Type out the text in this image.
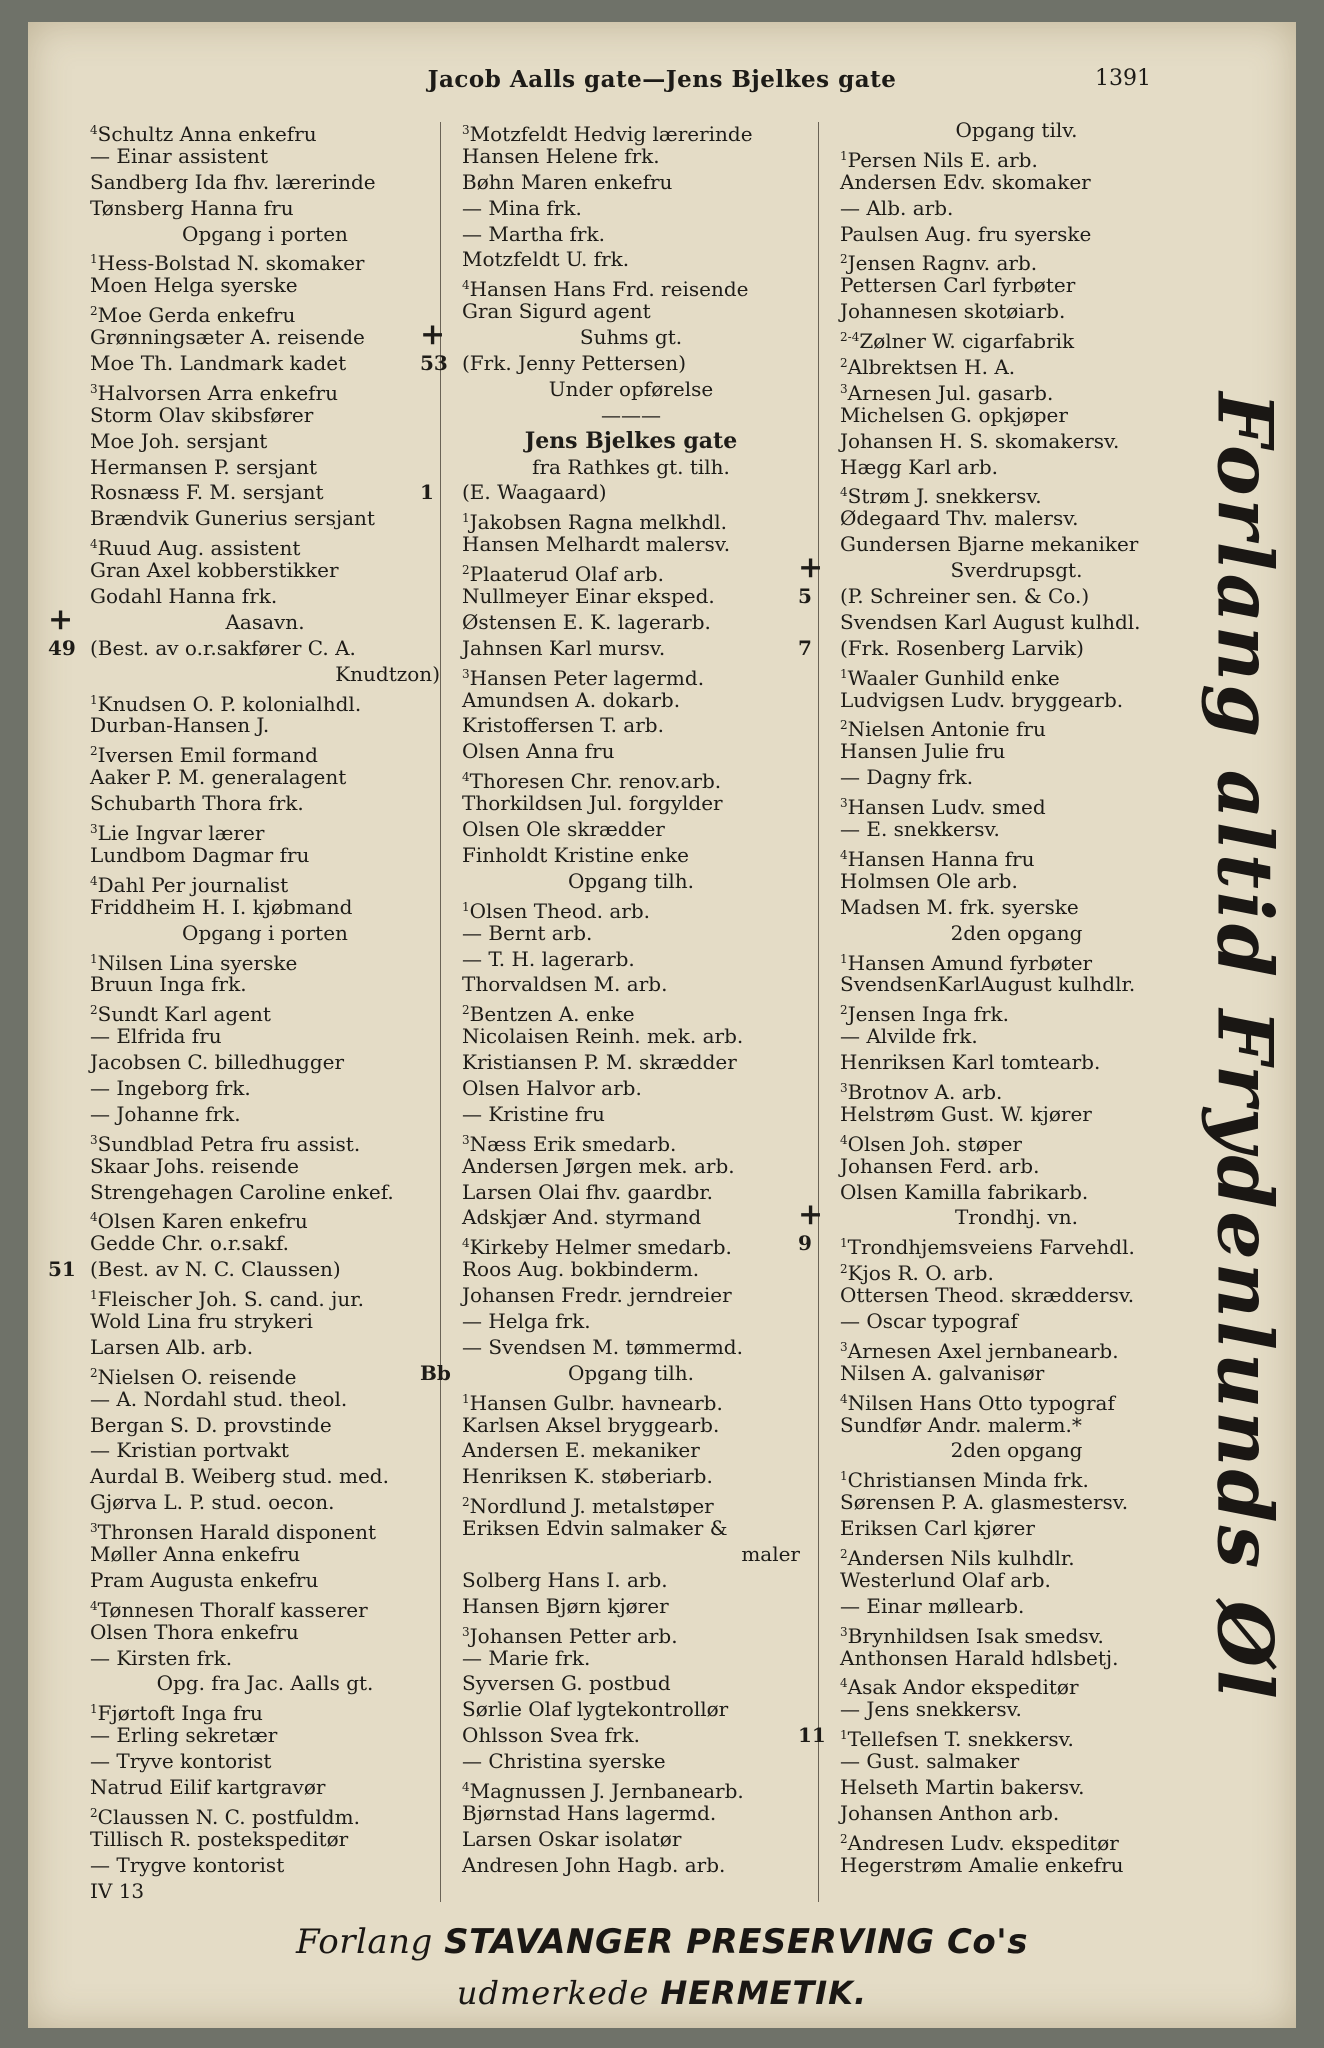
Jacob Aalls gate—Jens Bjelkes gate	1391
$^4$Schultz Anna enkefru
— Einar assistent
Sandberg Ida fhv. lærerinde
Tønsberg Hanna fru
Opgang i porten
$^1$Hess-Bolstad N. skomaker
Moen Helga syerske
$^2$Moe Gerda enkefru
Grønningsæter A. reisende
Moe Th. Landmark kadet
$^3$Halvorsen Arra enkefru
Storm Olav skibsfører
Moe Joh. sersjant
Hermansen P. sersjant
Rosnæss F. M. sersjant
Brændvik Gunerius sersjant
$^4$Ruud Aug. assistent
Gran Axel kobberstikker
Godahl Hanna frk.
+	Aasavn.
49 (Best. av o.r.sakfører C. A.
Knudtzon)
$^1$Knudsen O. P. kolonialhdl.
Durban-Hansen J.
$^2$Iversen Emil formand
Aaker P. M. generalagent
Schubarth Thora frk.
$^3$Lie Ingvar lærer
Lundbom Dagmar fru
$^4$Dahl Per journalist
Friddheim H. I. kjøbmand
Opgang i porten
$^1$Nilsen Lina syerske
Bruun Inga frk.
$^2$Sundt Karl agent
— Elfrida fru
Jacobsen C. billedhugger
— Ingeborg frk.
— Johanne frk.
$^3$Sundblad Petra fru assist.
Skaar Johs. reisende
Strengehagen Caroline enkef.
$^4$Olsen Karen enkefru
Gedde Chr. o.r.sakf.
51 (Best. av N. C. Claussen)
$^1$Fleischer Joh. S. cand. jur.
Wold Lina fru strykeri
Larsen Alb. arb.
$^2$Nielsen O. reisende
— A. Nordahl stud. theol.
Bergan S. D. provstinde
— Kristian portvakt
Aurdal B. Weiberg stud. med.
Gjørva L. P. stud. oecon.
$^3$Thronsen Harald disponent
Møller Anna enkefru
Pram Augusta enkefru
$^4$Tønnesen Thoralf kasserer
Olsen Thora enkefru
— Kirsten frk.
Opg. fra Jac. Aalls gt.
$^1$Fjørtoft Inga fru
— Erling sekretær
— Tryve kontorist
Natrud Eilif kartgravør
$^2$Claussen N. C. postfuldm.
Tillisch R. posteksped​itør
— Trygve kontorist
IV 13
$^3$Motzfeldt Hedvig lærerinde
Hansen Helene frk.
Bøhn Maren enkefru
— Mina frk.
— Martha frk.
Motzfeldt U. frk.
$^4$Hansen Hans Frd. reisende
Gran Sigurd agent
+	Suhms gt.
53 (Frk. Jenny Pettersen)
Under opførelse
———
Jens Bjelkes gate
fra Rathkes gt. tilh.
1	(E. Waagaard)
$^1$Jakobsen Ragna melkhdl.
Hansen Melhardt malersv.
$^2$Plaaterud Olaf arb.
Nullmeyer Einar eksped.
Østensen E. K. lagerarb.
Jahnsen Karl mursv.
$^3$Hansen Peter lagermd.
Amundsen A. dokarb.
Kristoffersen T. arb.
Olsen Anna fru
$^4$Thoresen Chr. renov.arb.
Thorkildsen Jul. forgylder
Olsen Ole skrædder
Finholdt Kristine enke
Opgang tilh.
$^1$Olsen Theod. arb.
— Bernt arb.
— T. H. lagerarb.
Thorvaldsen M. arb.
$^2$Bentzen A. enke
Nicolaisen Reinh. mek. arb.
Kristiansen P. M. skrædder
Olsen Halvor arb.
— Kristine fru
$^3$Næss Erik smedarb.
Andersen Jørgen mek. arb.
Larsen Olai fhv. gaardbr.
Adskjær And. styrmand
$^4$Kirkeby Helmer smedarb.
Roos Aug. bokbinderm.
Johansen Fredr. jerndreier
— Helga frk.
— Svendsen M. tømmermd.
Bb	Opgang tilh.
$^1$Hansen Gulbr. havnearb.
Karlsen Aksel bryggearb.
Andersen E. mekaniker
Henriksen K. støberiarb.
$^2$Nordlund J. metalstøper
Eriksen Edvin salmaker &
maler
Solberg Hans I. arb.
Hansen Bjørn kjører
$^3$Johansen Petter arb.
— Marie frk.
Syversen G. postbud
Sørlie Olaf lygtekontrollør
Ohlsson Svea frk.
— Christina syerske
$^4$Magnussen J. Jernbanearb.
Bjørnstad Hans lagermd.
Larsen Oskar isolatør
Andresen John Hagb. arb.
Opgang tilv.
$^1$Persen Nils E. arb.
Andersen Edv. skomaker
— Alb. arb.
Paulsen Aug. fru syerske
$^2$Jensen Ragnv. arb.
Pettersen Carl fyrbøter
Johannesen skotøiarb.
$^{2-4}$Zølner W. cigarfabrik
$^2$Albrektsen H. A.
$^3$Arnesen Jul. gasarb.
Michelsen G. opkjøper
Johansen H. S. skomakersv.
Hægg Karl arb.
$^4$Strøm J. snekkersv.
Ødegaard Thv. malersv.
Gundersen Bjarne mekaniker
+	Sverdrupsgt.
5	(P. Schreiner sen. & Co.)
Svendsen Karl August kulhdl.
7	(Frk. Rosenberg Larvik)
$^1$Waaler Gunhild enke
Ludvigsen Ludv. bryggearb.
$^2$Nielsen Antonie fru
Hansen Julie fru
— Dagny frk.
$^3$Hansen Ludv. smed
— E. snekkersv.
$^4$Hansen Hanna fru
Holmsen Ole arb.
Madsen M. frk. syerske
2den opgang
$^1$Hansen Amund fyrbøter
SvendsenKarlAugust kulhdlr.
$^2$Jensen Inga frk.
— Alvilde frk.
Henriksen Karl tomtearb.
$^3$Brotnov A. arb.
Helstrøm Gust. W. kjører
$^4$Olsen Joh. støper
Johansen Ferd. arb.
Olsen Kamilla fabrikarb.
+	Trondhj. vn.
9	$^1$Trondhjemsveiens Farvehdl.
$^2$Kjos R. O. arb.
Ottersen Theod. skræddersv.
— Oscar typograf
$^3$Arnesen Axel jernbanearb.
Nilsen A. galvanisør
$^4$Nilsen Hans Otto typograf
Sundfør Andr. malerm.*
2den opgang
$^1$Christiansen Minda frk.
Sørensen P. A. glasmestersv.
Eriksen Carl kjører
$^2$Andersen Nils kulhdlr.
Westerlund Olaf arb.
— Einar møllearb.
$^3$Brynhildsen Isak smedsv.
Anthonsen Harald hdlsbetj.
$^4$Asak Andor ekspeditør
— Jens snekkersv.
11	$^1$Tellefsen T. snekkersv.
— Gust. salmaker
Helseth Martin bakersv.
Johansen Anthon arb.
$^2$Andresen Ludv. ekspeditør
Hegerstrøm Amalie enkefru
Forlang altid Frydenlunds Øl
Forlang STAVANGER PRESERVING Co's
udmerkede HERMETIK.
